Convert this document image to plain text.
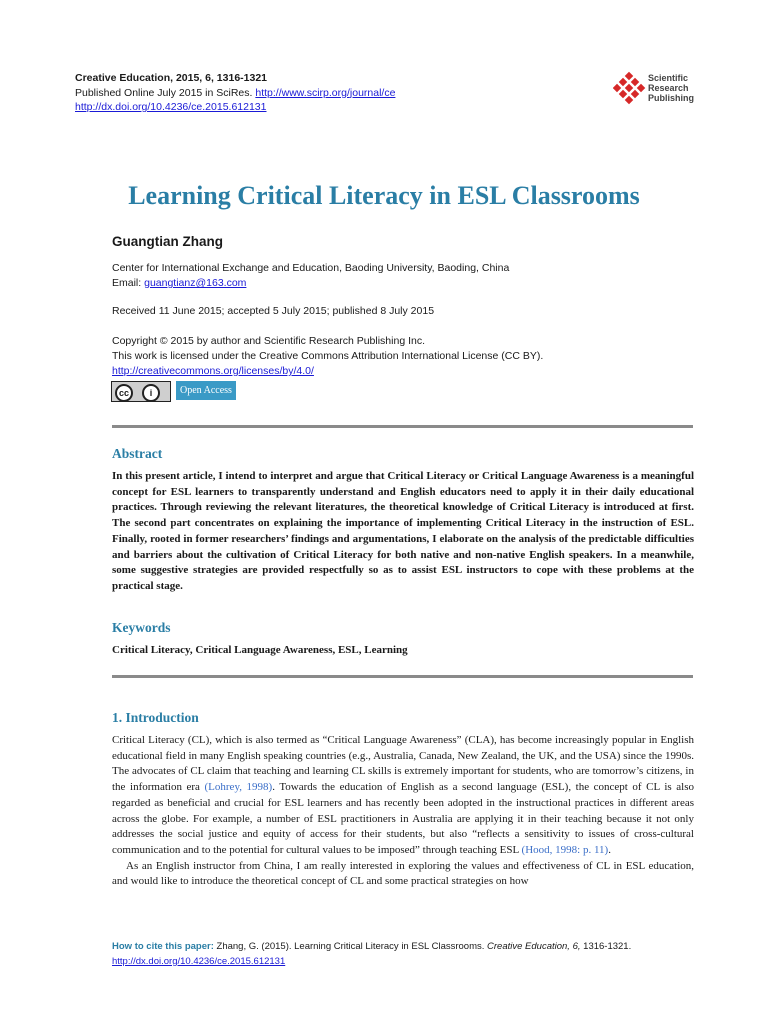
Creative Education, 2015, 6, 1316-1321
Published Online July 2015 in SciRes. http://www.scirp.org/journal/ce
http://dx.doi.org/10.4236/ce.2015.612131
Scientific
Research
Publishing
Learning Critical Literacy in ESL Classrooms
Guangtian Zhang
Center for International Exchange and Education, Baoding University, Baoding, China
Email: guangtianz@163.com
Received 11 June 2015; accepted 5 July 2015; published 8 July 2015
Copyright © 2015 by author and Scientific Research Publishing Inc.
This work is licensed under the Creative Commons Attribution International License (CC BY).
http://creativecommons.org/licenses/by/4.0/
cc	i	Open Access
Abstract
In this present article, I intend to interpret and argue that Critical Literacy or Critical Language Awareness is a meaningful concept for ESL learners to transparently understand and English educators need to apply it in their daily educational practices. Through reviewing the relevant literatures, the theoretical knowledge of Critical Literacy is introduced at first. The second part concentrates on explaining the importance of implementing Critical Literacy in the instruction of ESL. Finally, rooted in former researchers’ findings and argumentations, I elaborate on the analysis of the predictable difficulties and barriers about the cultivation of Critical Literacy for both native and non-native English speakers. In a meanwhile, some suggestive strategies are provided respectfully so as to assist ESL instructors to cope with these problems at the practical stage.
Keywords
Critical Literacy, Critical Language Awareness, ESL, Learning
1. Introduction

Critical Literacy (CL), which is also termed as “Critical Language Awareness” (CLA), has become increasingly popular in English educational field in many English speaking countries (e.g., Australia, Canada, New Zealand, the UK, and the USA) since the 1990s. The advocates of CL claim that teaching and learning CL skills is extremely important for students, who are tomorrow’s citizens, in the information era (Lohrey, 1998). Towards the education of English as a second language (ESL), the concept of CL is also regarded as beneficial and crucial for ESL learners and has recently been adopted in the instructional practices in different areas across the globe. For example, a number of ESL practitioners in Australia are applying it in their teaching because it not only addresses the social justice and equity of access for their students, but also “reflects a sensitivity to issues of cross-cultural communication and to the potential for cultural values to be imposed” through teaching ESL (Hood, 1998: p. 11).

As an English instructor from China, I am really interested in exploring the values and effectiveness of CL in ESL education, and would like to introduce the theoretical concept of CL and some practical strategies on how

How to cite this paper: Zhang, G. (2015). Learning Critical Literacy in ESL Classrooms. Creative Education, 6, 1316-1321.
http://dx.doi.org/10.4236/ce.2015.612131
